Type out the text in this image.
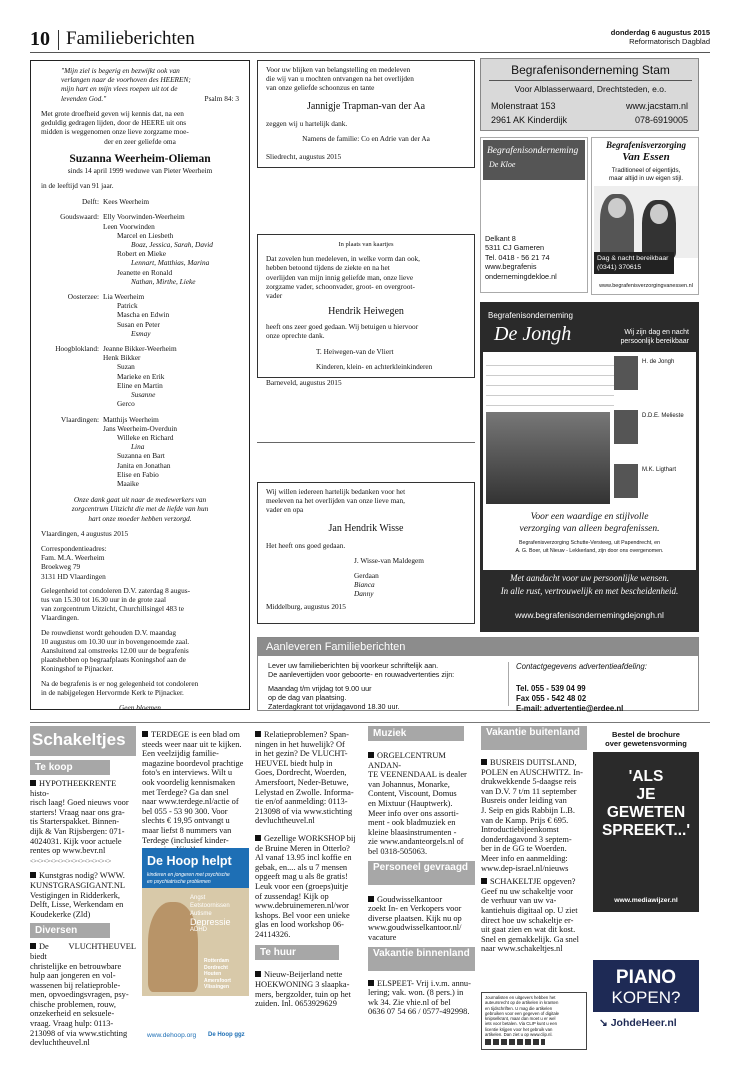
10 Familieberichten	donderdag 6 augustus 2015
Reformatorisch Dagblad
"Mijn ziel is begerig en bezwijkt ook van
verlangen naar de voorhoven des HEEREN;
mijn hart en mijn vlees roepen uit tot de
levenden God."	Psalm 84: 3
Met grote droefheid geven wij kennis dat, na een
geduldig gedragen lijden, door de HEERE uit ons
midden is weggenomen onze lieve zorgzame moe-
der en zeer geliefde oma
Suzanna Weerheim-Olieman
sinds 14 april 1999 weduwe van Pieter Weerheim
in de leeftijd van 91 jaar.
Delft: Kees Weerheim
Goudswaard: Elly Voorwinden-Weerheim
Leen Voorwinden
Marcel en Liesbeth
Boaz, Jessica, Sarah, David
Robert en Mieke
Lennart, Matthias, Marina
Jeanette en Ronald
Nathan, Mirthe, Lieke
Oosterzee: Lia Weerheim
Patrick
Mascha en Edwin
Susan en Peter
Esmay
Hoogblokland: Jeanne Bikker-Weerheim
Henk Bikker
Suzan
Marieke en Erik
Eline en Martin
Susanne
Gerco
Vlaardingen: Matthijs Weerheim
Jans Weerheim-Overduin
Willeke en Richard
Lina
Suzanna en Bart
Janita en Jonathan
Elise en Fabio
Maaike
Onze dank gaat uit naar de medewerkers van
zorgcentrum Uitzicht die met de liefde van hun
hart onze moeder hebben verzorgd.
Vlaardingen, 4 augustus 2015
Correspondentieadres:
Fam. M.A. Weerheim
Broekweg 79
3131 HD Vlaardingen
Gelegenheid tot condoleren D.V. zaterdag 8 augus-
tus van 15.30 tot 16.30 uur in de grote zaal
van zorgcentrum Uitzicht, Churchillsingel 483 te
Vlaardingen.
De rouwdienst wordt gehouden D.V. maandag
10 augustus om 10.30 uur in bovengenoemde zaal.
Aansluitend zal omstreeks 12.00 uur de begrafenis
plaatshebben op begraafplaats Koningshof aan de
Koningshof te Pijnacker.
Na de begrafenis is er nog gelegenheid tot condoleren
in de nabijgelegen Hervormde Kerk te Pijnacker.
Geen bloemen
Voor uw blijken van belangstelling en medeleven
die wij van u mochten ontvangen na het overlijden
van onze geliefde schoonzus en tante
Jannigje Trapman-van der Aa
zeggen wij u hartelijk dank.
Namens de familie: Co en Adrie van der Aa
Sliedrecht, augustus 2015
In plaats van kaartjes
Dat zovelen hun medeleven, in welke vorm dan ook,
hebben betoond tijdens de ziekte en na het
overlijden van mijn innig geliefde man, onze lieve
zorgzame vader, schoonvader, groot- en overgroot-
vader
Hendrik Heiwegen
heeft ons zeer goed gedaan. Wij betuigen u hiervoor
onze oprechte dank.
T. Heiwegen-van de Vliert
Kinderen, klein- en achterkleinkinderen
Barneveld, augustus 2015
Wij willen iedereen hartelijk bedanken voor het
meeleven na het overlijden van onze lieve man,
vader en opa
Jan Hendrik Wisse
Het heeft ons goed gedaan.
J. Wisse-van Maldegem
Gerdaan
Bianca
Danny
Middelburg, augustus 2015
Begrafenisonderneming Stam
Voor Alblasserwaard, Drechtsteden, e.o.
Molenstraat 153	www.jacstam.nl
2961 AK Kinderdijk	078-6919005
Begrafenisonderneming
De Kloe
Delkant 8
5311 CJ Gameren
Tel. 0418 - 56 21 74
www.begrafenis
ondernemingdekloe.nl
Begrafenisverzorging
Van Essen
Traditioneel of eigentijds,
maar altijd in uw eigen stijl.
Dag & nacht bereikbaar
(0341) 370615
www.begrafenisverzorgingvanessen.nl
Begrafenisonderneming
De Jongh	Wij zijn dag en nacht
persoonlijk bereikbaar
Hardinxveld-Giessendam	0184 - 611154
Waardenburg	0418 - 652039
Werkendam	0183 - 701017
Papendrecht	078 - 8200399
Nieuw-Lekkerland	0184 - 683838
H. de Jongh
D.D.E. Melieste
M.K. Ligthart
Voor een waardige en stijlvolle
verzorging van alleen begrafenissen.
Begrafenisverzorging Schutte-Versteeg, uit Papendrecht, en
A. G. Boer, uit Nieuw - Lekkerland, zijn door ons overgenomen.
Met aandacht voor uw persoonlijke wensen.
In alle rust, vertrouwelijk en met bescheidenheid.
www.begrafenisondernemingdejongh.nl
Aanleveren Familieberichten
Lever uw familieberichten bij voorkeur schriftelijk aan.
De aanlevertijden voor geboorte- en rouwadvertenties zijn:
Maandag t/m vrijdag tot 9.00 uur
op de dag van plaatsing.
Zaterdagkrant tot vrijdagavond 18.30 uur.
Contactgegevens advertentieafdeling:
Tel. 055 - 539 04 99
Fax 055 - 542 48 02
E-mail: advertentie@erdee.nl
Schakeltjes
Te koop

HYPOTHEEKRENTE histo-
risch laag! Goed nieuws voor
starters! Vraag naar ons gra-
tis Starterspakket. Binnen-
dijk & Van Rijsbergen: 071-
4024031. Kijk voor actuele
rentes op www.bevr.nl
<><><><><><><><><><><><>

Kunstgras nodig? WWW.
KUNSTGRASGIGANT.NL
Vestigingen in Ridderkerk,
Delft, Lisse, Werkendam en
Koudekerke (Zld)

Diversen

De VLUCHTHEUVEL biedt
christelijke en betrouwbare
hulp aan jongeren en vol-
wassenen bij relatieproble-
men, opvoedingsvragen, psy-
chische problemen, rouw,
onzekerheid en seksuele-
vraag. Vraag hulp: 0113-
213098 of via www.stichting
devluchtheuvel.nl

TERDEGE is een blad om
steeds weer naar uit te kijken.
Een veelzijdig familie-
magazine boordevol prachtige
foto's en interviews. Wilt u
ook voordelig kennismaken
met Terdege? Ga dan snel
naar www.terdege.nl/actie of
bel 055 - 53 90 300. Voor
slechts € 19,95 ontvangt u
maar liefst 8 nummers van
Terdege (inclusief kinder-

De Hoop helpt
kinderen en jongeren met psychische
en psychiatrische problemen
Angst
Eetstoornissen
Autisme
Depressie
ADHD
Rotterdam
Dordrecht
Houten
Amersfoort
Vlissingen
www.dehoop.org De Hoop ggz

Relatieproblemen? Span-
ningen in het huwelijk? Of
in het gezin? De VLUCHT-
HEUVEL biedt hulp in
Goes, Dordrecht, Woerden,
Amersfoort, Neder-Betuwe,
Lelystad en Zwolle. Informa-
tie en/of aanmelding: 0113-
213098 of via www.stichting
devluchtheuvel.nl

Gezellige WORKSHOP bij
de Bruine Meren in Otterlo?
Al vanaf 13.95 incl koffie en
gebak, en.... als u 7 mensen
opgeeft mag u als 8e gratis!
Leuk voor een (groeps)uitje
of zussendag! Kijk op
www.debruinemeren.nl/wor
kshops. Bel voor een unieke
glas en lood workshop 06-
24114326.

Te huur

Nieuw-Beijerland nette
HOEKWONING 3 slaapka-
mers, bergzolder, tuin op het
zuiden. Inl. 0653929629

Muziek

ORGELCENTRUM ANDAN-
TE VEENENDAAL is dealer
van Johannus, Monarke,
Content, Viscount, Domus
en Mixtuur (Hauptwerk).
Meer info over ons assorti-
ment - ook bladmuziek en
kleine blaasinstrumenten -
zie www.andanteorgels.nl of
bel 0318-505063.

Personeel gevraagd

Goudwisselkantoor
zoekt In- en Verkopers voor
diverse plaatsen. Kijk nu op
www.goudwisselkantoor.nl/
vacature

Vakantie binnenland

ELSPEET- Vrij i.v.m. annu-
lering; vak. won. (8 pers.) in
wk 34. Zie vhie.nl of bel
0636 07 54 66 / 0577-492998.

Vakantie buitenland

BUSREIS DUITSLAND,
POLEN en AUSCHWITZ. In-
drukwekkende 5-daagse reis
van D.V. 7 t/m 11 september
Busreis onder leiding van
J. Seip en gids Rabbijn L.B.
van de Kamp. Prijs € 695.
Introductiebijeenkomst
donderdagavond 3 septem-
ber in de GG te Woerden.
Meer info en aanmelding:
www.dep-israel.nl/nieuws

SCHAKELTJE opgeven?
Geef nu uw schakeltje voor
de verhuur van uw va-
kantiehuis digitaal op. U ziet
direct hoe uw schakeltje er-
uit gaat zien en wat dit kost.
Snel en gemakkelijk. Ga snel
naar www.schakeltjes.nl

Journalisten en uitgevers hebben het
auteursrecht op de artikelen in kranten
en tijdschriften. U mag die artikelen
gebruiken voor een gegeven of digitale
knipselkrant, maar dan moet u er wel
iets voor betalen. Via CLIP kunt u een
licentie krijgen voor het gebruik van
artikelen. Dan ziet u op www.clip.nl.
Bestel de brochure
over gewetensvorming
'ALS
JE
GEWETEN
SPREEKT...'
www.mediawijzer.nl
PIANO
KOPEN?
↘ JohdeHeer.nl
